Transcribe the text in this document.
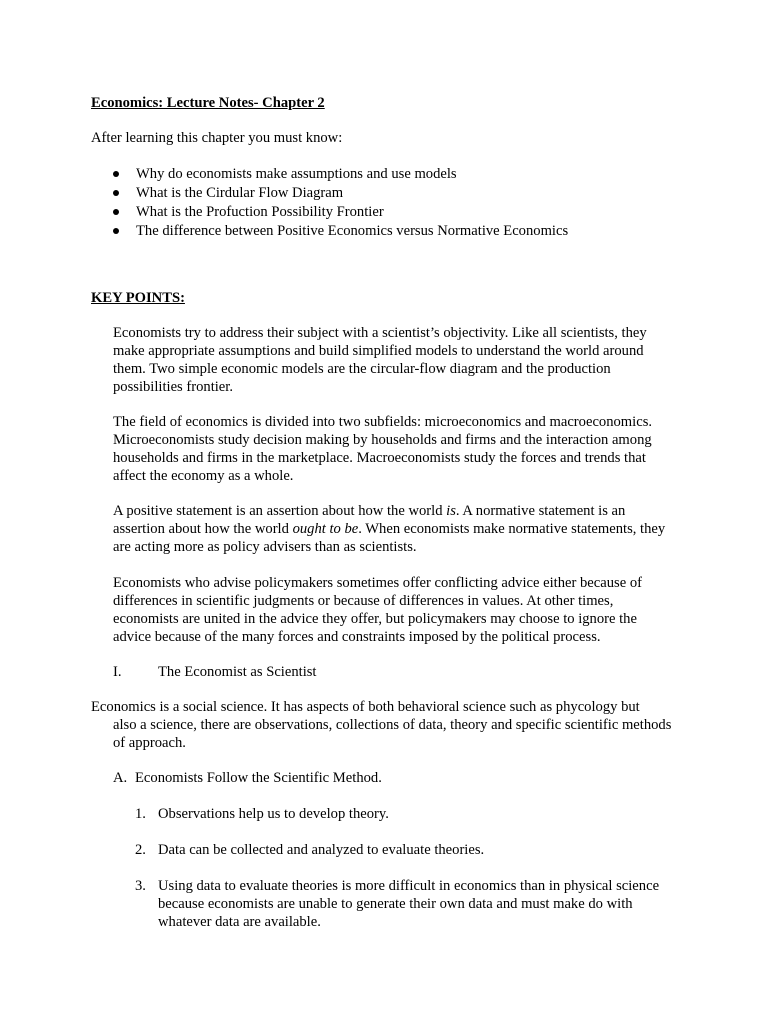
Economics: Lecture Notes- Chapter 2
After learning this chapter you must know:
Why do economists make assumptions and use models
What is the Cirdular Flow Diagram
What is the Profuction Possibility Frontier
The difference between Positive Economics versus Normative Economics
KEY POINTS:
Economists try to address their subject with a scientist’s objectivity. Like all scientists, they make appropriate assumptions and build simplified models to understand the world around them. Two simple economic models are the circular-flow diagram and the production possibilities frontier.
The field of economics is divided into two subfields: microeconomics and macroeconomics. Microeconomists study decision making by households and firms and the interaction among households and firms in the marketplace. Macroeconomists study the forces and trends that affect the economy as a whole.
A positive statement is an assertion about how the world is. A normative statement is an assertion about how the world ought to be. When economists make normative statements, they are acting more as policy advisers than as scientists.
Economists who advise policymakers sometimes offer conflicting advice either because of differences in scientific judgments or because of differences in values. At other times, economists are united in the advice they offer, but policymakers may choose to ignore the advice because of the many forces and constraints imposed by the political process.
I. The Economist as Scientist
Economics is a social science. It has aspects of both behavioral science such as phycology but
also a science, there are observations, collections of data, theory and specific scientific methods of approach.
A. Economists Follow the Scientific Method.
1. Observations help us to develop theory.
2. Data can be collected and analyzed to evaluate theories.
3. Using data to evaluate theories is more difficult in economics than in physical science because economists are unable to generate their own data and must make do with whatever data are available.
